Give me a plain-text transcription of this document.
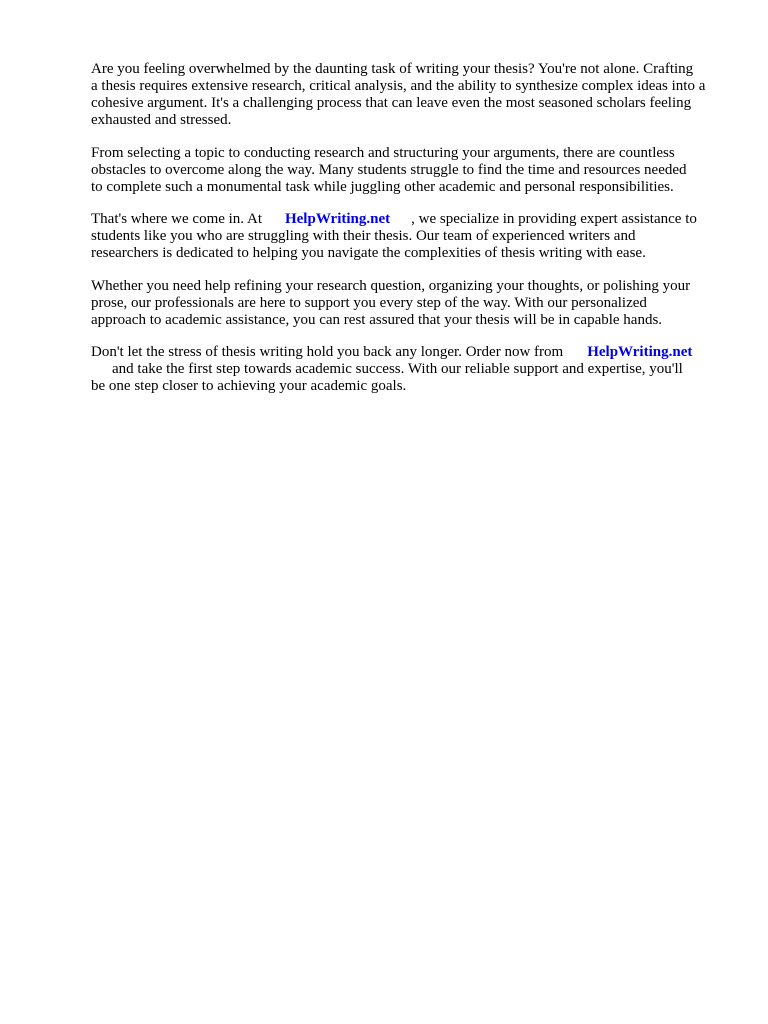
Are you feeling overwhelmed by the daunting task of writing your thesis? You're not alone. Crafting
a thesis requires extensive research, critical analysis, and the ability to synthesize complex ideas into a
cohesive argument. It's a challenging process that can leave even the most seasoned scholars feeling
exhausted and stressed.
From selecting a topic to conducting research and structuring your arguments, there are countless
obstacles to overcome along the way. Many students struggle to find the time and resources needed
to complete such a monumental task while juggling other academic and personal responsibilities.
That's where we come in. At HelpWriting.net , we specialize in providing expert assistance to
students like you who are struggling with their thesis. Our team of experienced writers and
researchers is dedicated to helping you navigate the complexities of thesis writing with ease.
Whether you need help refining your research question, organizing your thoughts, or polishing your
prose, our professionals are here to support you every step of the way. With our personalized
approach to academic assistance, you can rest assured that your thesis will be in capable hands.
Don't let the stress of thesis writing hold you back any longer. Order now from HelpWriting.net
and take the first step towards academic success. With our reliable support and expertise, you'll
be one step closer to achieving your academic goals.
